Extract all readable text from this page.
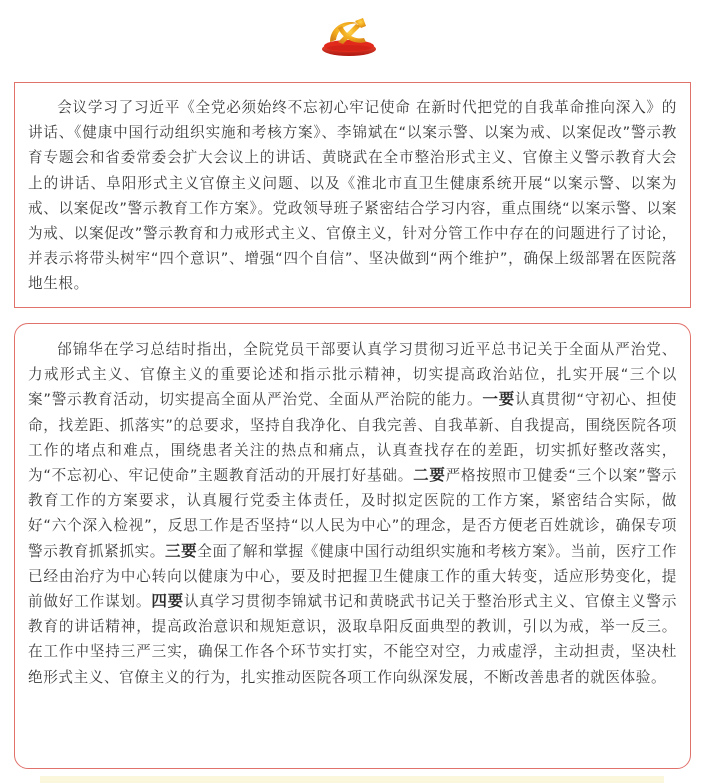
会议学习了习近平《全党必须始终不忘初心牢记使命 在新时代把党的自我革命推向深入》的讲话、《健康中国行动组织实施和考核方案》、李锦斌在“以案示警、以案为戒、以案促改”警示教育专题会和省委常委会扩大会议上的讲话、黄晓武在全市整治形式主义、官僚主义警示教育大会上的讲话、阜阳形式主义官僚主义问题、以及《淮北市直卫生健康系统开展“以案示警、以案为戒、以案促改”警示教育工作方案》。党政领导班子紧密结合学习内容，重点围绕“以案示警、以案为戒、以案促改”警示教育和力戒形式主义、官僚主义，针对分管工作中存在的问题进行了讨论，并表示将带头树牢“四个意识”、增强“四个自信”、坚决做到“两个维护”，确保上级部署在医院落地生根。

邰锦华在学习总结时指出，全院党员干部要认真学习贯彻习近平总书记关于全面从严治党、力戒形式主义、官僚主义的重要论述和指示批示精神，切实提高政治站位，扎实开展“三个以案”警示教育活动，切实提高全面从严治党、全面从严治院的能力。一要认真贯彻“守初心、担使命，找差距、抓落实”的总要求，坚持自我净化、自我完善、自我革新、自我提高，围绕医院各项工作的堵点和难点，围绕患者关注的热点和痛点，认真查找存在的差距，切实抓好整改落实，为“不忘初心、牢记使命”主题教育活动的开展打好基础。二要严格按照市卫健委“三个以案”警示教育工作的方案要求，认真履行党委主体责任，及时拟定医院的工作方案，紧密结合实际，做好“六个深入检视”，反思工作是否坚持“以人民为中心”的理念，是否方便老百姓就诊，确保专项警示教育抓紧抓实。三要全面了解和掌握《健康中国行动组织实施和考核方案》。当前，医疗工作已经由治疗为中心转向以健康为中心，要及时把握卫生健康工作的重大转变，适应形势变化，提前做好工作谋划。四要认真学习贯彻李锦斌书记和黄晓武书记关于整治形式主义、官僚主义警示教育的讲话精神，提高政治意识和规矩意识，汲取阜阳反面典型的教训，引以为戒，举一反三。在工作中坚持三严三实，确保工作各个环节实打实，不能空对空，力戒虚浮，主动担责，坚决杜绝形式主义、官僚主义的行为，扎实推动医院各项工作向纵深发展，不断改善患者的就医体验。
